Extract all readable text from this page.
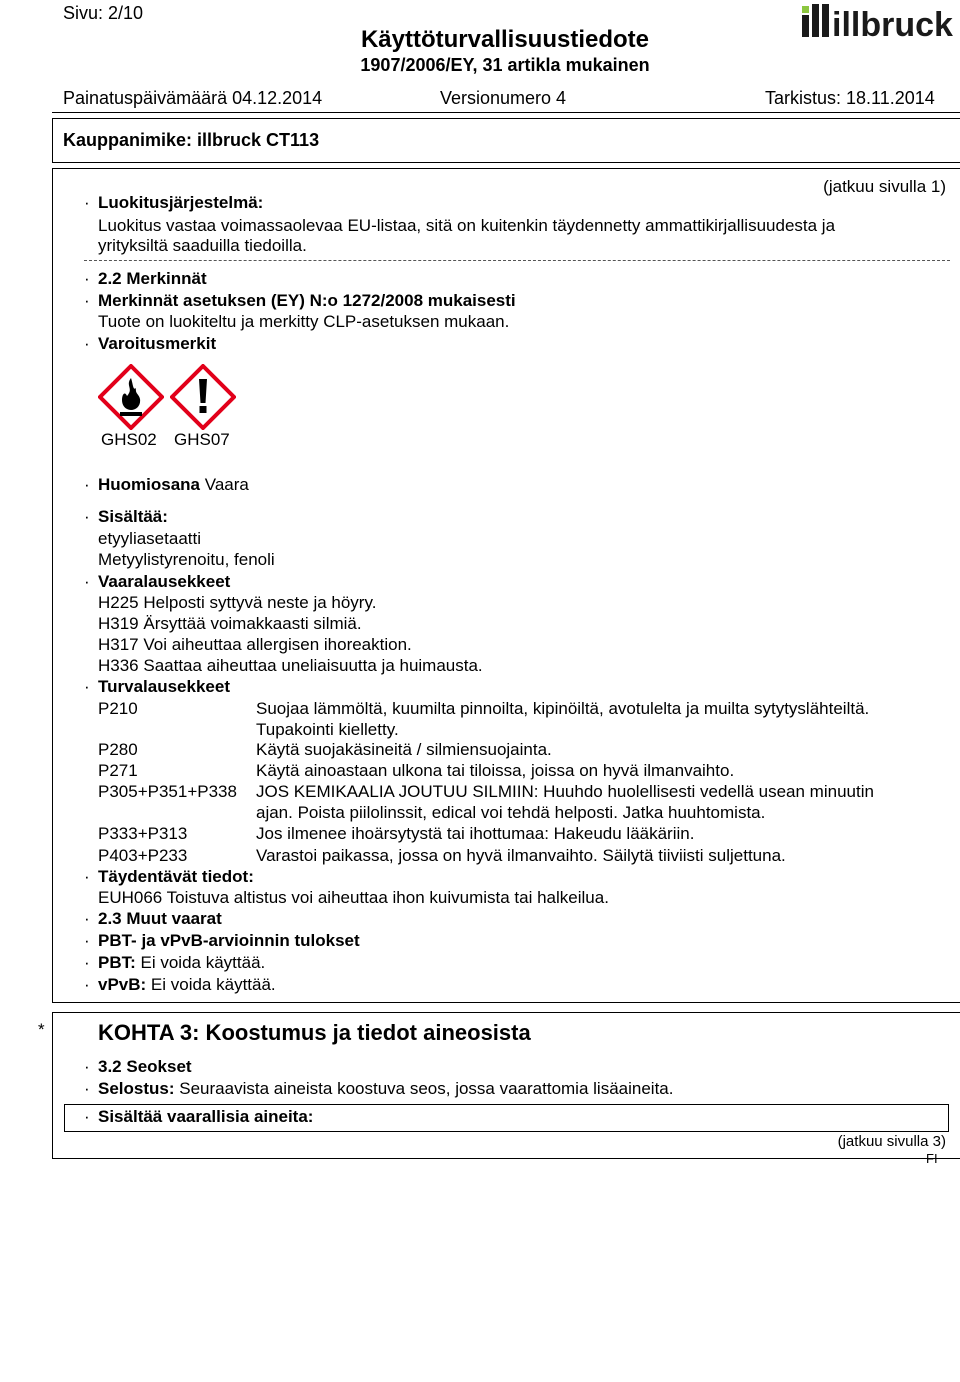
Sivu: 2/10
Käyttöturvallisuustiedote
1907/2006/EY, 31 artikla mukainen
illbruck
Painatuspäivämäärä 04.12.2014	Versionumero 4	Tarkistus: 18.11.2014
Kauppanimike: illbruck CT113
(jatkuu sivulla 1)
· Luokitusjärjestelmä:
Luokitus vastaa voimassaolevaa EU-listaa, sitä on kuitenkin täydennetty ammattikirjallisuudesta ja
yrityksiltä saaduilla tiedoilla.
· 2.2 Merkinnät
· Merkinnät asetuksen (EY) N:o 1272/2008 mukaisesti
Tuote on luokiteltu ja merkitty CLP-asetuksen mukaan.
· Varoitusmerkit
GHS02 GHS07
· Huomiosana Vaara
· Sisältää:
etyyliasetaatti
Metyylistyrenoitu, fenoli
· Vaaralausekkeet
H225 Helposti syttyvä neste ja höyry.
H319 Ärsyttää voimakkaasti silmiä.
H317 Voi aiheuttaa allergisen ihoreaktion.
H336 Saattaa aiheuttaa uneliaisuutta ja huimausta.
· Turvalausekkeet
P210	Suojaa lämmöltä, kuumilta pinnoilta, kipinöiltä, avotulelta ja muilta sytytyslähteiltä.
Tupakointi kielletty.
P280	Käytä suojakäsineitä / silmiensuojainta.
P271	Käytä ainoastaan ulkona tai tiloissa, joissa on hyvä ilmanvaihto.
P305+P351+P338 JOS KEMIKAALIA JOUTUU SILMIIN: Huuhdo huolellisesti vedellä usean minuutin
ajan. Poista piilolinssit, edical voi tehdä helposti. Jatka huuhtomista.
P333+P313	Jos ilmenee ihoärsytystä tai ihottumaa: Hakeudu lääkäriin.
P403+P233	Varastoi paikassa, jossa on hyvä ilmanvaihto. Säilytä tiiviisti suljettuna.
· Täydentävät tiedot:
EUH066 Toistuva altistus voi aiheuttaa ihon kuivumista tai halkeilua.
· 2.3 Muut vaarat
· PBT- ja vPvB-arvioinnin tulokset
· PBT: Ei voida käyttää.
· vPvB: Ei voida käyttää.
* KOHTA 3: Koostumus ja tiedot aineosista
· 3.2 Seokset
· Selostus: Seuraavista aineista koostuva seos, jossa vaarattomia lisäaineita.
· Sisältää vaarallisia aineita:
(jatkuu sivulla 3)
FI
